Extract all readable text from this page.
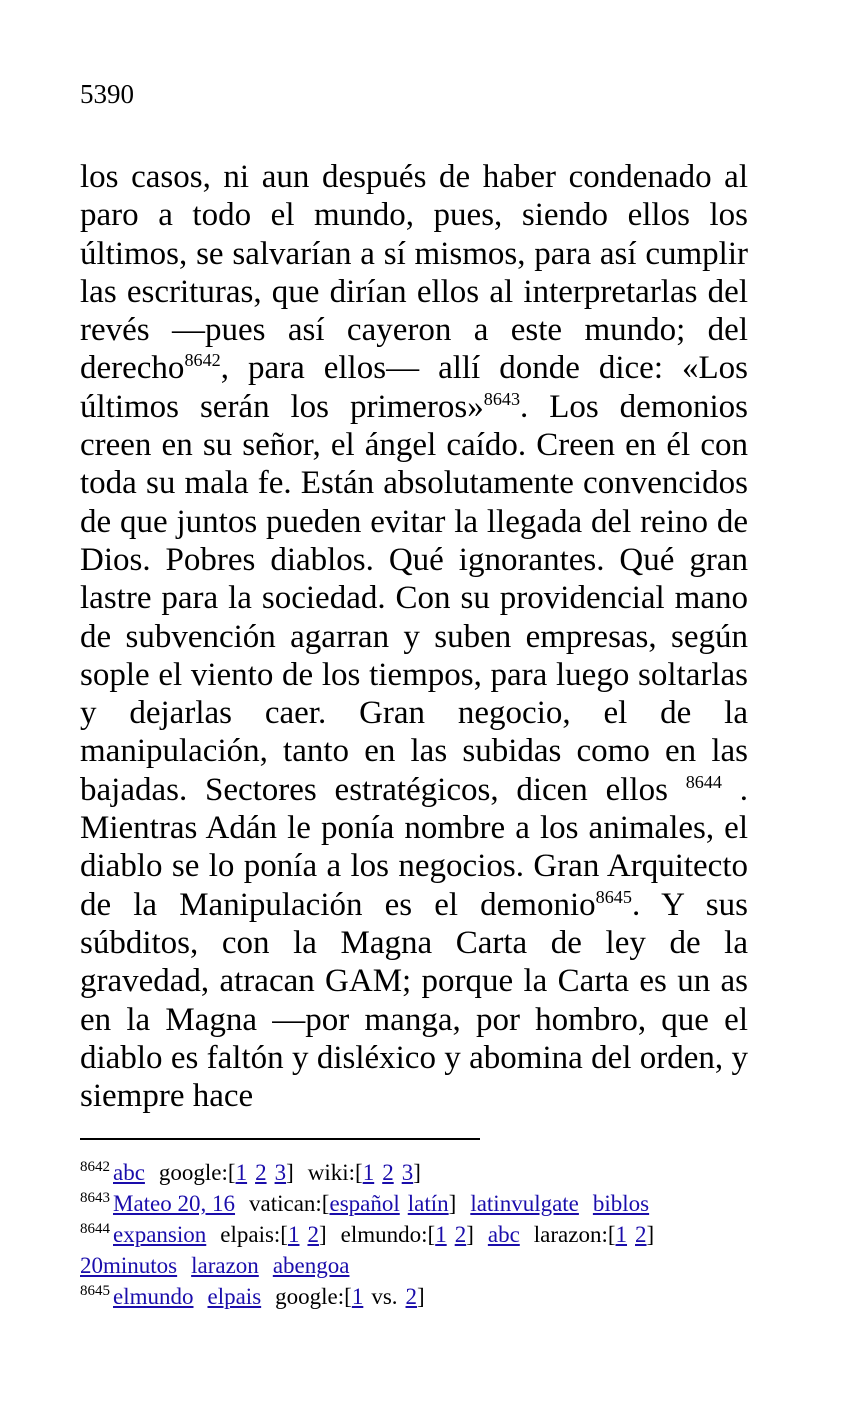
5390

los casos, ni aun después de haber condenado al paro a todo el mundo, pues, siendo ellos los últimos, se salvarían a sí mismos, para así cumplir las escrituras, que dirían ellos al interpretarlas del revés —pues así cayeron a este mundo; del derecho$^{8642}$, para ellos— allí donde dice: «Los últimos serán los primeros»$^{8643}$. Los demonios creen en su señor, el ángel caído. Creen en él con toda su mala fe. Están absolutamente convencidos de que juntos pueden evitar la llegada del reino de Dios. Pobres diablos. Qué ignorantes. Qué gran lastre para la sociedad. Con su providencial mano de subvención agarran y suben empresas, según sople el viento de los tiempos, para luego soltarlas y dejarlas caer. Gran negocio, el de la manipulación, tanto en las subidas como en las bajadas. Sectores estratégicos, dicen ellos $^{8644}$ . Mientras Adán le ponía nombre a los animales, el diablo se lo ponía a los negocios. Gran Arquitecto de la Manipulación es el demonio$^{8645}$. Y sus súbditos, con la Magna Carta de ley de la gravedad, atracan GAM; porque la Carta es un as en la Magna —por manga, por hombro, que el diablo es faltón y disléxico y abomina del orden, y siempre hace

$^{8642}$ abc google:[1 2 3] wiki:[1 2 3]

$^{8643}$ Mateo 20, 16 vatican:[español latín] latinvulgate biblos

$^{8644}$ expansion elpais:[1 2] elmundo:[1 2] abc larazon:[1 2]
20minutos larazon abengoa

$^{8645}$ elmundo elpais google:[1 vs. 2]
